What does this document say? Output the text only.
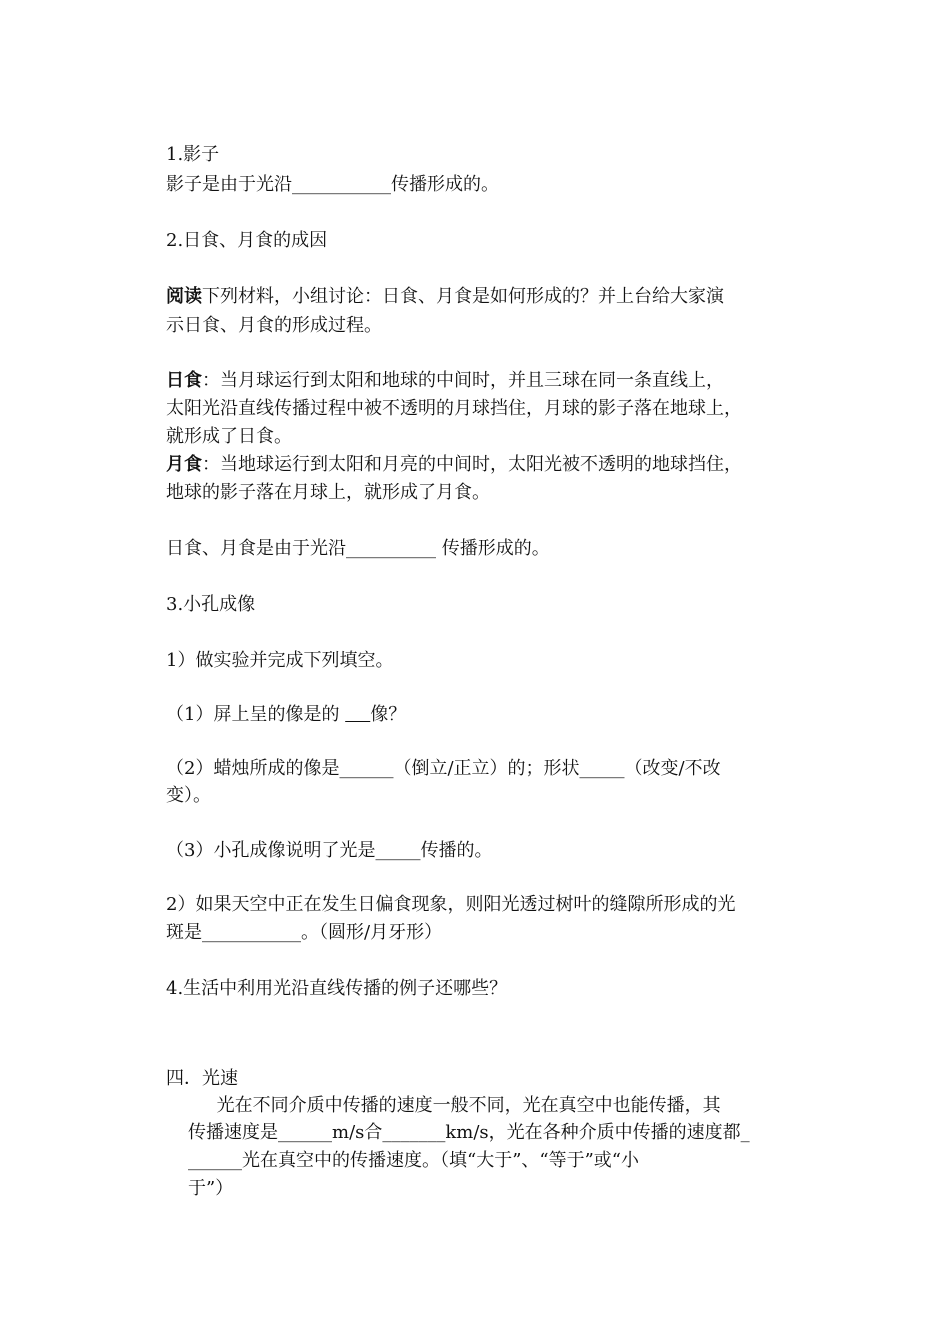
1.影子
影子是由于光沿___________传播形成的。
2.日食、月食的成因
阅读下列材料，小组讨论：日食、月食是如何形成的？并上台给大家演
示日食、月食的形成过程。
日食：当月球运行到太阳和地球的中间时，并且三球在同一条直线上，
太阳光沿直线传播过程中被不透明的月球挡住，月球的影子落在地球上，
就形成了日食。
月食：当地球运行到太阳和月亮的中间时，太阳光被不透明的地球挡住，
地球的影子落在月球上，就形成了月食。
日食、月食是由于光沿__________ 传播形成的。
3.小孔成像
1）做实验并完成下列填空。
（1）屏上呈的像是的     像？
（2）蜡烛所成的像是______（倒立/正立）的；形状_____（改变/不改
变）。
（3）小孔成像说明了光是_____传播的。
2）如果天空中正在发生日偏食现象，则阳光透过树叶的缝隙所形成的光
斑是___________。（圆形/月牙形）
4.生活中利用光沿直线传播的例子还哪些？
四．光速
光在不同介质中传播的速度一般不同，光在真空中也能传播，其
传播速度是______m/s合_______km/s，光在各种介质中传播的速度都_
______光在真空中的传播速度。（填“大于”、“等于”或“小
于”）
